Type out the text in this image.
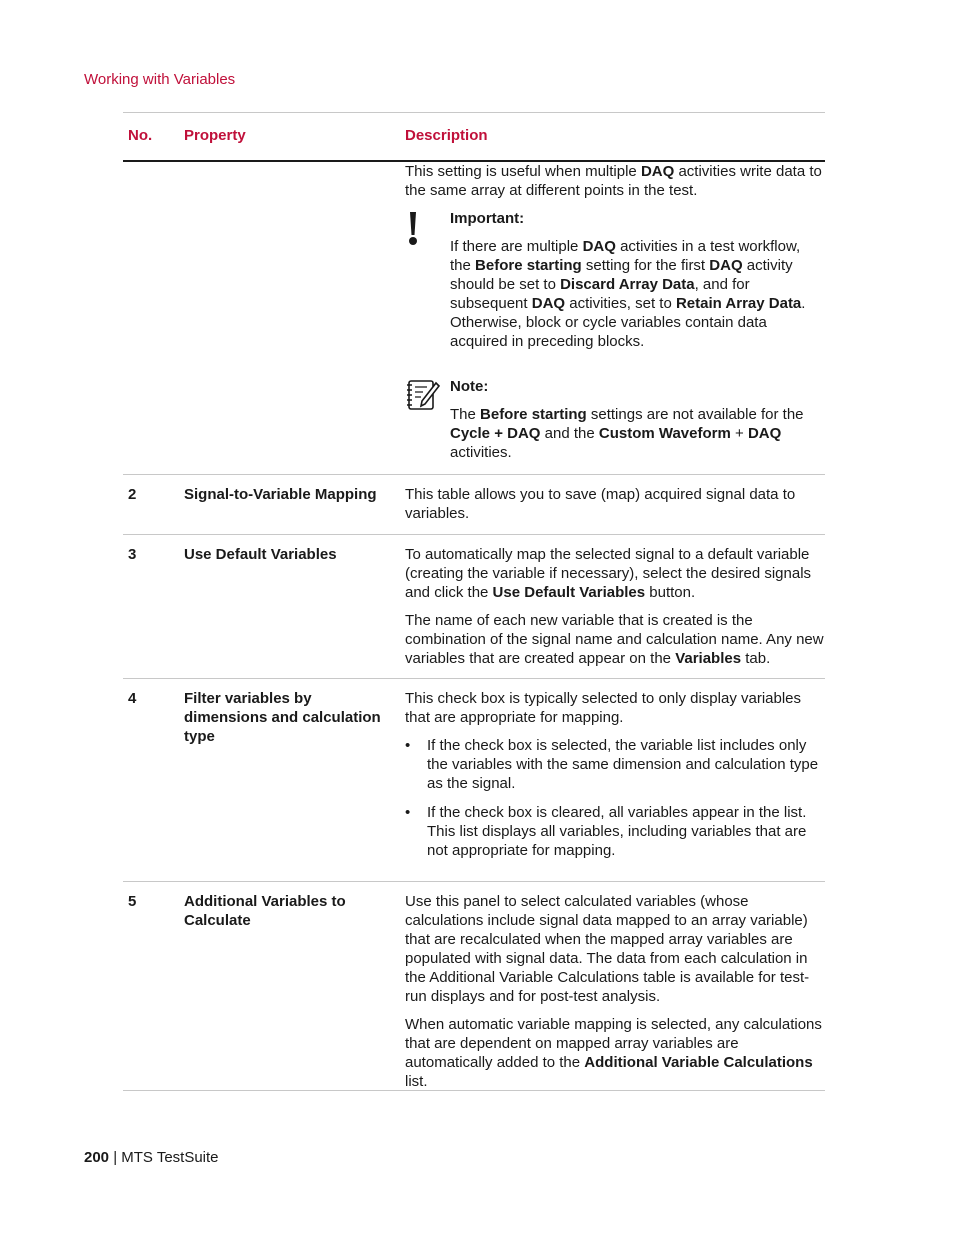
Working with Variables
No.	Property	Description

This setting is useful when multiple DAQ activities write data to the same array at different points in the test.

Important:

If there are multiple DAQ activities in a test workflow, the Before starting setting for the first DAQ activity should be set to Discard Array Data, and for subsequent DAQ activities, set to Retain Array Data. Otherwise, block or cycle variables contain data acquired in preceding blocks.

Note:

The Before starting settings are not available for the Cycle + DAQ and the Custom Waveform + DAQ activities.

2	Signal-to-Variable Mapping	This table allows you to save (map) acquired signal data to variables.

3	Use Default Variables	To automatically map the selected signal to a default variable (creating the variable if necessary), select the desired signals and click the Use Default Variables button.

The name of each new variable that is created is the combination of the signal name and calculation name. Any new variables that are created appear on the Variables tab.

4	Filter variables by dimensions and calculation type

This check box is typically selected to only display variables that are appropriate for mapping.

•	If the check box is selected, the variable list includes only the variables with the same dimension and calculation type as the signal.
•	If the check box is cleared, all variables appear in the list. This list displays all variables, including variables that are not appropriate for mapping.
5	Additional Variables to Calculate

Use this panel to select calculated variables (whose calculations include signal data mapped to an array variable) that are recalculated when the mapped array variables are populated with signal data. The data from each calculation in the Additional Variable Calculations table is available for test-run displays and for post-test analysis.

When automatic variable mapping is selected, any calculations that are dependent on mapped array variables are automatically added to the Additional Variable Calculations list.

200 | MTS TestSuite
